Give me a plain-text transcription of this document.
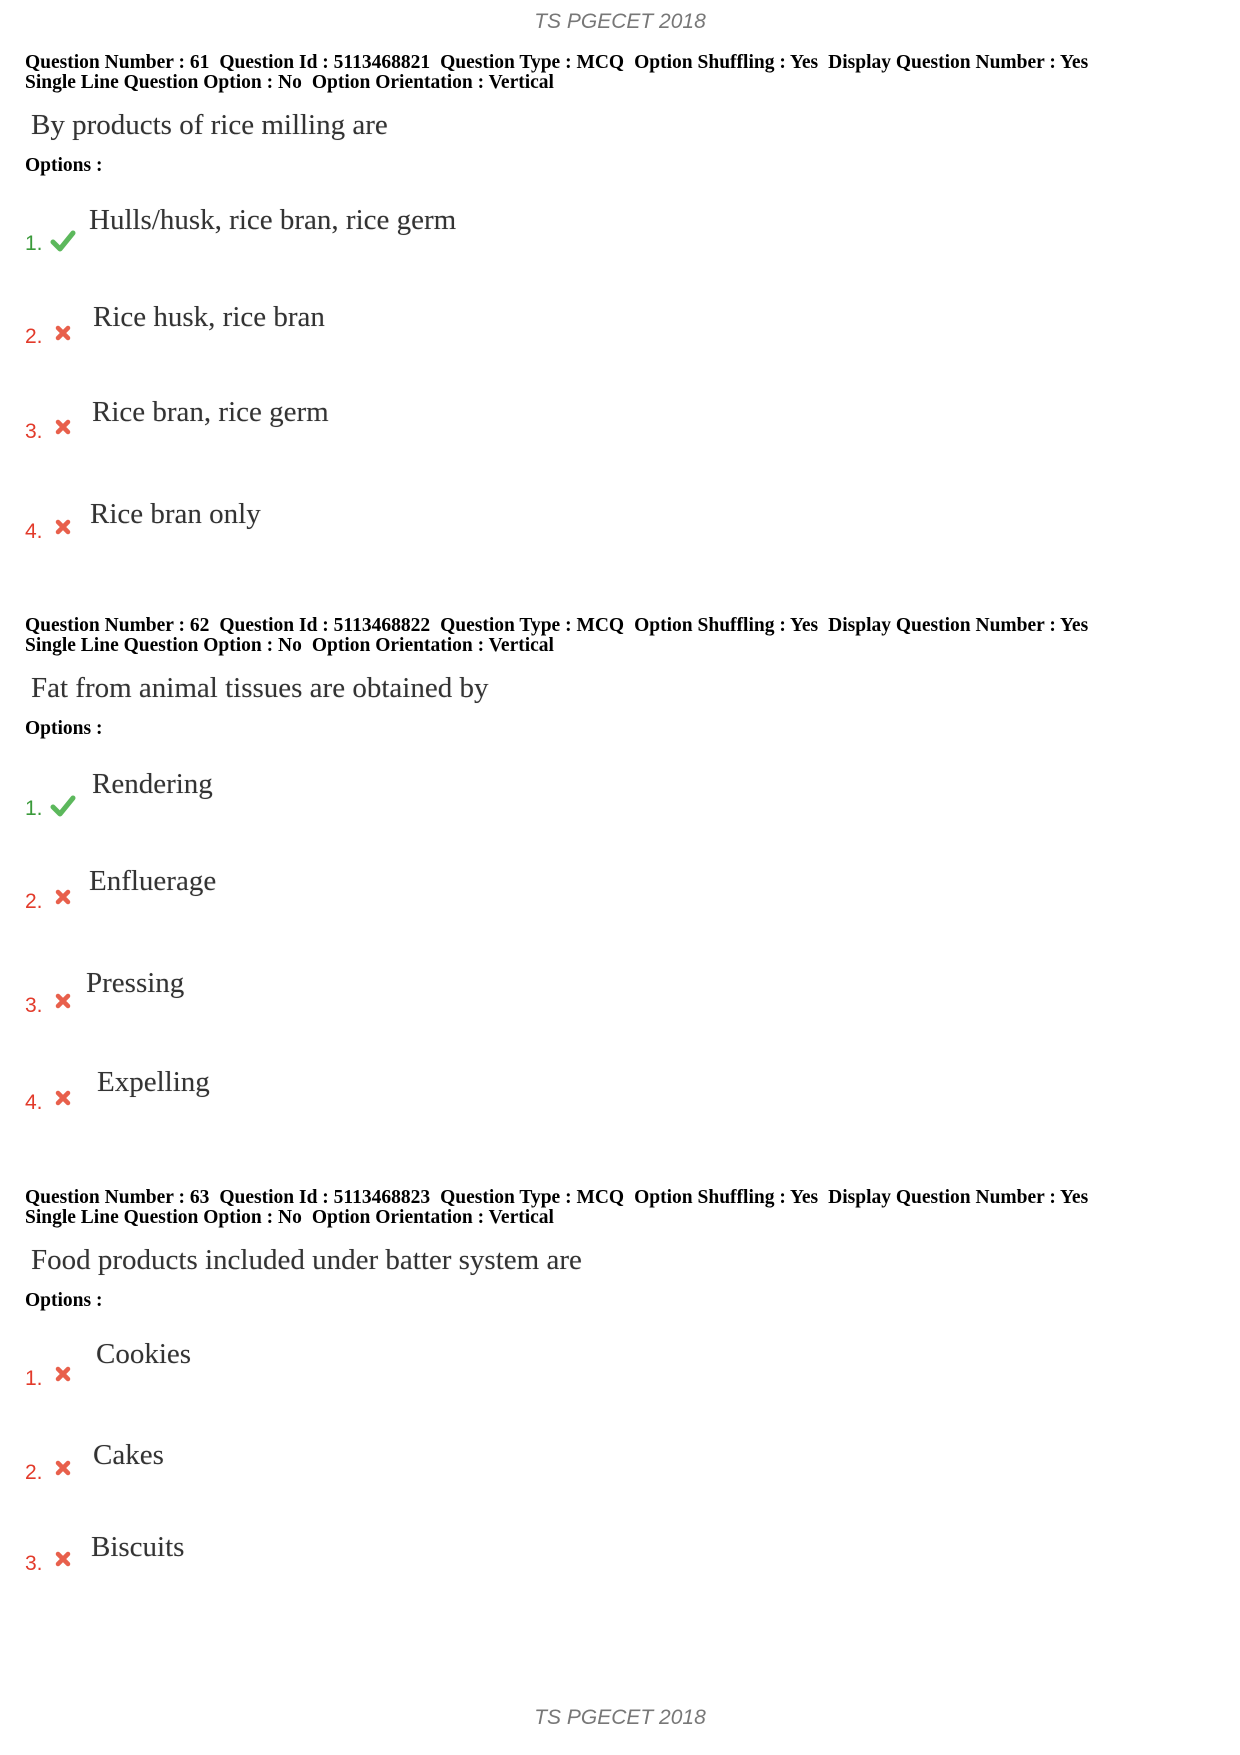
TS PGECET 2018
Question Number : 61 Question Id : 5113468821 Question Type : MCQ Option Shuffling : Yes Display Question Number : Yes
Single Line Question Option : No Option Orientation : Vertical
By products of rice milling are
Options :
1.
Hulls/husk, rice bran, rice germ
2.
Rice husk, rice bran
3.
Rice bran, rice germ
4.
Rice bran only
Question Number : 62 Question Id : 5113468822 Question Type : MCQ Option Shuffling : Yes Display Question Number : Yes
Single Line Question Option : No Option Orientation : Vertical
Fat from animal tissues are obtained by
Options :
1.
Rendering
2.
Enfluerage
3.
Pressing
4.
Expelling
Question Number : 63 Question Id : 5113468823 Question Type : MCQ Option Shuffling : Yes Display Question Number : Yes
Single Line Question Option : No Option Orientation : Vertical
Food products included under batter system are
Options :
1.
Cookies
2.
Cakes
3.
Biscuits
TS PGECET 2018
